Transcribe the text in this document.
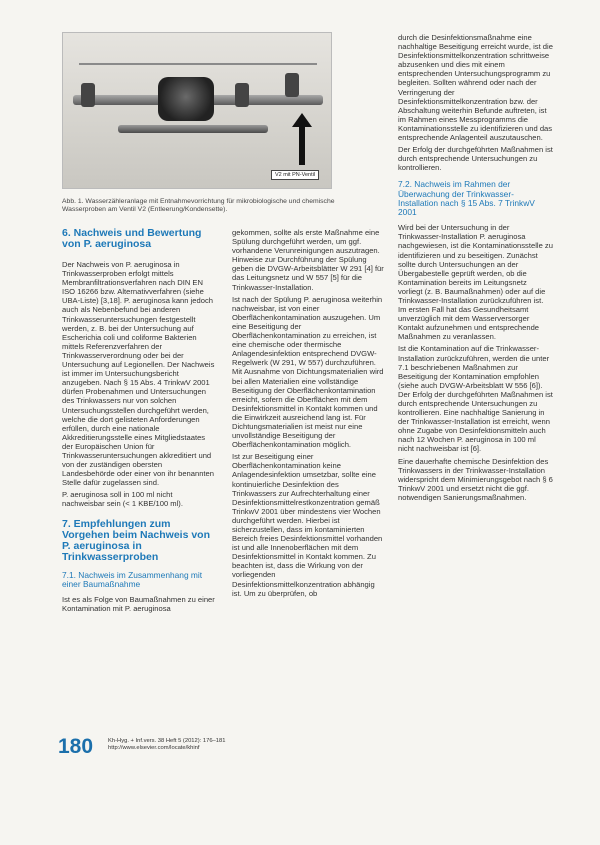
V2 mit PN-Ventil
Abb. 1. Wasserzähleranlage mit Entnahmevorrichtung für mikrobiologische und chemische Wasserproben am Ventil V2 (Entleerung/Kondensette).

6. Nachweis und Bewertung von P. aeruginosa

Der Nachweis von P. aeruginosa in Trinkwasserproben erfolgt mittels Membranfiltrationsverfahren nach DIN EN ISO 16266 bzw. Alternativverfahren (siehe UBA-Liste) [3,18]. P. aeruginosa kann jedoch auch als Nebenbefund bei anderen Trinkwasseruntersuchungen festgestellt werden, z. B. bei der Untersuchung auf Escherichia coli und coliforme Bakterien mittels Referenzverfahren der Trinkwasserverordnung oder bei der Untersuchung auf Legionellen. Der Nachweis ist immer im Untersuchungsbericht anzugeben. Nach § 15 Abs. 4 TrinkwV 2001 dürfen Probenahmen und Untersuchungen des Trinkwassers nur von solchen Untersuchungsstellen durchgeführt werden, welche die dort gelisteten Anforderungen erfüllen, durch eine nationale Akkreditierungsstelle eines Mitgliedstaates der Europäischen Union für Trinkwasseruntersuchungen akkreditiert und von der zuständigen obersten Landesbehörde oder einer von ihr benannten Stelle dafür zugelassen sind.

P. aeruginosa soll in 100 ml nicht nachweisbar sein (< 1 KBE/100 ml).

7. Empfehlungen zum Vorgehen beim Nachweis von P. aeruginosa in Trinkwasserproben

7.1. Nachweis im Zusammenhang mit einer Baumaßnahme

Ist es als Folge von Baumaßnahmen zu einer Kontamination mit P. aeruginosa

gekommen, sollte als erste Maßnahme eine Spülung durchgeführt werden, um ggf. vorhandene Verunreinigungen auszutragen. Hinweise zur Durchführung der Spülung geben die DVGW-Arbeitsblätter W 291 [4] für das Leitungsnetz und W 557 [5] für die Trinkwasser-Installation.

Ist nach der Spülung P. aeruginosa weiterhin nachweisbar, ist von einer Oberflächenkontamination auszugehen. Um eine Beseitigung der Oberflächenkontamination zu erreichen, ist eine chemische oder thermische Anlagendesinfektion entsprechend DVGW-Regelwerk (W 291, W 557) durchzuführen. Mit Ausnahme von Dichtungsmaterialien wird bei allen Materialien eine vollständige Beseitigung der Oberflächenkontamination erreicht, sofern die Oberflächen mit dem Desinfektionsmittel in Kontakt kommen und die Einwirkzeit ausreichend lang ist. Für Dichtungsmaterialien ist meist nur eine unvollständige Beseitigung der Oberflächenkontamination möglich.

Ist zur Beseitigung einer Oberflächenkontamination keine Anlagendesinfektion umsetzbar, sollte eine kontinuierliche Desinfektion des Trinkwassers zur Aufrechterhaltung einer Desinfektionsmittelrestkonzentration gemäß TrinkwV 2001 über mindestens vier Wochen durchgeführt werden. Hierbei ist sicherzustellen, dass im kontaminierten Bereich freies Desinfektionsmittel vorhanden ist und alle Innenoberflächen mit dem Desinfektionsmittel in Kontakt kommen. Zu beachten ist, dass die Wirkung von der vorliegenden Desinfektionsmittelkonzentration abhängig ist. Um zu überprüfen, ob

durch die Desinfektionsmaßnahme eine nachhaltige Beseitigung erreicht wurde, ist die Desinfektionsmittelkonzentration schrittweise abzusenken und dies mit einem entsprechenden Untersuchungsprogramm zu begleiten. Sollten während oder nach der Verringerung der Desinfektionsmittelkonzentration bzw. der Abschaltung weiterhin Befunde auftreten, ist im Rahmen eines Messprogramms die Kontaminationsstelle zu identifizieren und das entsprechende Anlagenteil auszutauschen.

Der Erfolg der durchgeführten Maßnahmen ist durch entsprechende Untersuchungen zu kontrollieren.

7.2. Nachweis im Rahmen der Überwachung der Trinkwasser-Installation nach § 15 Abs. 7 TrinkwV 2001

Wird bei der Untersuchung in der Trinkwasser-Installation P. aeruginosa nachgewiesen, ist die Kontaminationsstelle zu identifizieren und zu beseitigen. Zunächst sollte durch Untersuchungen an der Übergabestelle geprüft werden, ob die Kontamination bereits im Leitungsnetz vorliegt (z. B. Baumaßnahmen) oder auf die Trinkwasser-Installation zurückzuführen ist. Im ersten Fall hat das Gesundheitsamt unverzüglich mit dem Wasserversorger Kontakt aufzunehmen und entsprechende Maßnahmen zu veranlassen.

Ist die Kontamination auf die Trinkwasser-Installation zurückzuführen, werden die unter 7.1 beschriebenen Maßnahmen zur Beseitigung der Kontamination empfohlen (siehe auch DVGW-Arbeitsblatt W 556 [6]). Der Erfolg der durchgeführten Maßnahmen ist durch entsprechende Untersuchungen zu kontrollieren. Eine nachhaltige Sanierung in der Trinkwasser-Installation ist erreicht, wenn ohne Zugabe von Desinfektionsmitteln auch nach 12 Wochen P. aeruginosa in 100 ml nicht nachweisbar ist [6].

Eine dauerhafte chemische Desinfektion des Trinkwassers in der Trinkwasser-Installation widerspricht dem Minimierungsgebot nach § 6 TrinkwV 2001 und ersetzt nicht die ggf. notwendigen Sanierungsmaßnahmen.

180	Kh-Hyg. + Inf.vers. 38 Heft 5 (2012): 176–181
http://www.elsevier.com/locate/khinf
